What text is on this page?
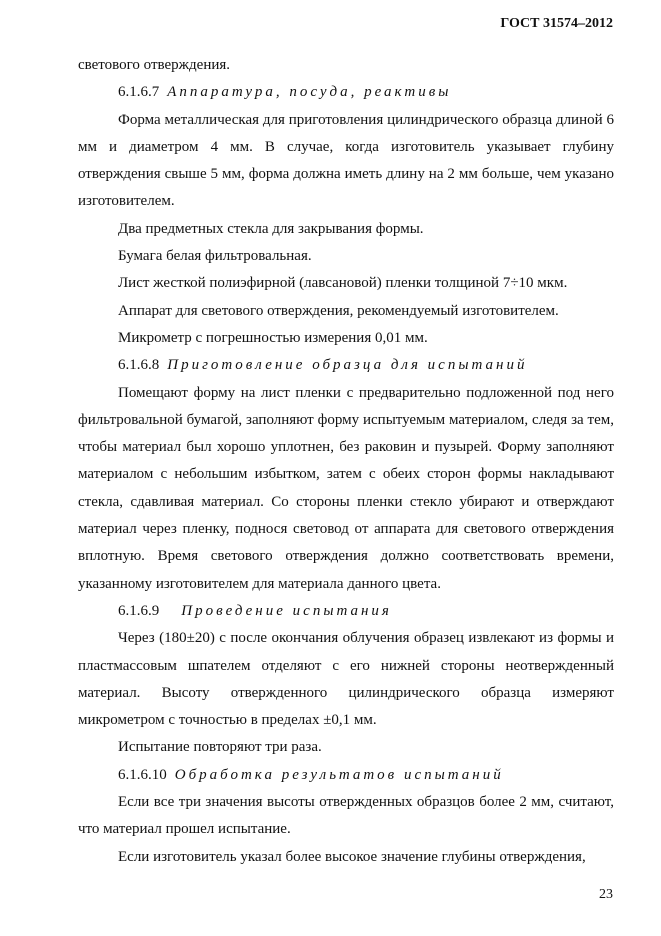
ГОСТ 31574–2012

светового отверждения.

6.1.6.7 Аппаратура, посуда, реактивы

Форма металлическая для приготовления цилиндрического образца длиной 6 мм и диаметром 4 мм. В случае, когда изготовитель указывает глубину отверждения свыше 5 мм, форма должна иметь длину на 2 мм больше, чем указано изготовителем.

Два предметных стекла для закрывания формы.

Бумага белая фильтровальная.

Лист жесткой полиэфирной (лавсановой) пленки толщиной 7÷10 мкм.

Аппарат для светового отверждения, рекомендуемый изготовителем.

Микрометр с погрешностью измерения 0,01 мм.

6.1.6.8 Приготовление образца для испытаний

Помещают форму на лист пленки с предварительно подложенной под него фильтровальной бумагой, заполняют форму испытуемым материалом, следя за тем, чтобы материал был хорошо уплотнен, без раковин и пузырей. Форму заполняют материалом с небольшим избытком, затем с обеих сторон формы накладывают стекла, сдавливая материал. Со стороны пленки стекло убирают и отверждают материал через пленку, поднося световод от аппарата для светового отверждения вплотную. Время светового отверждения должно соответствовать времени, указанному изготовителем для материала данного цвета.

6.1.6.9 Проведение испытания

Через (180±20) с после окончания облучения образец извлекают из формы и пластмассовым шпателем отделяют с его нижней стороны неотвержденный материал. Высоту отвержденного цилиндрического образца измеряют микрометром с точностью в пределах ±0,1 мм.

Испытание повторяют три раза.

6.1.6.10 Обработка результатов испытаний

Если все три значения высоты отвержденных образцов более 2 мм, считают, что материал прошел испытание.

Если изготовитель указал более высокое значение глубины отверждения,

23
